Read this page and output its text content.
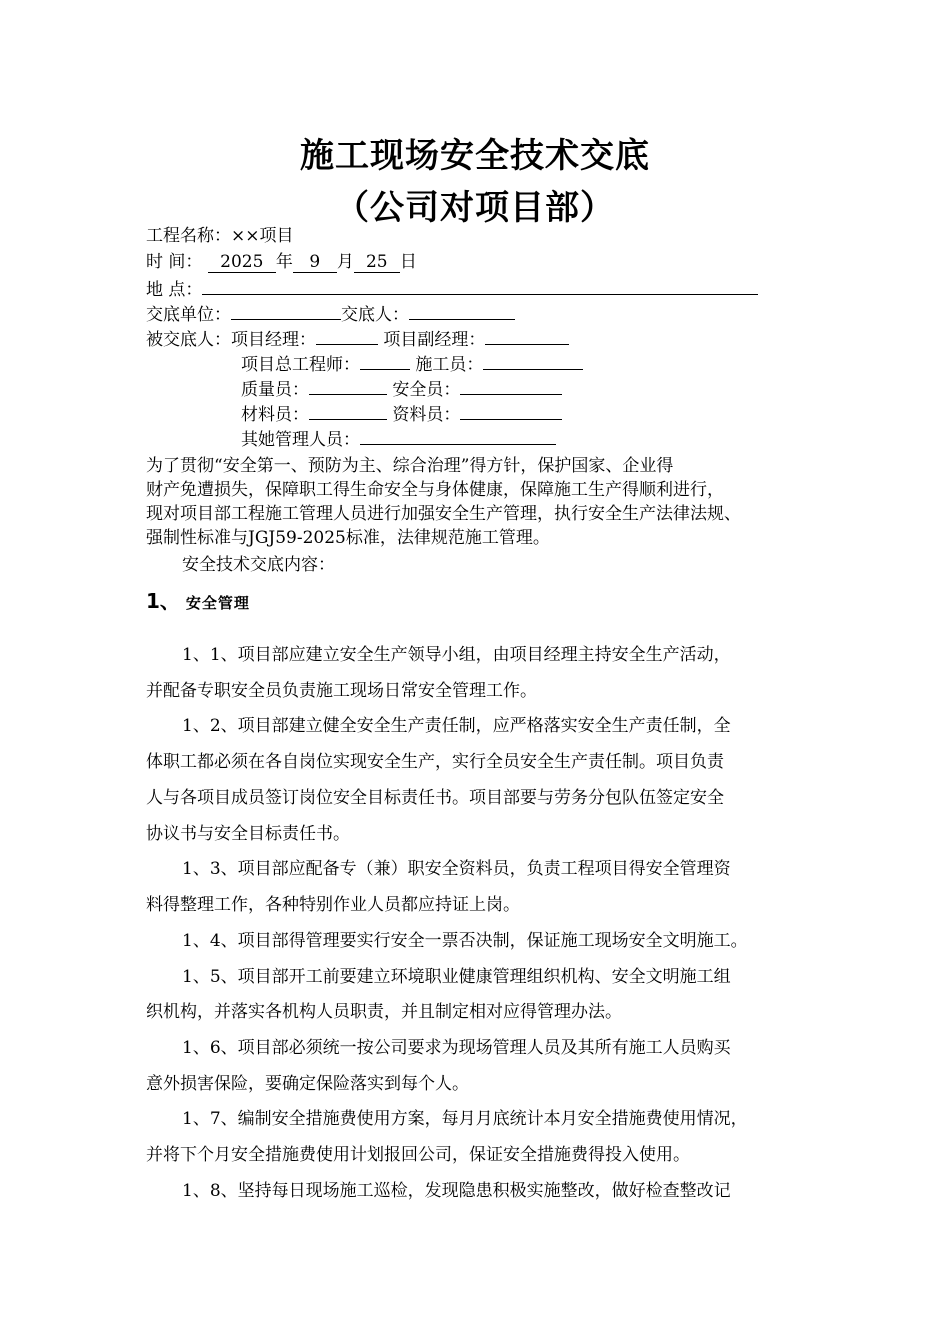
施工现场安全技术交底
（公司对项目部）
工程名称：××项目
时 间： 2025 年 9 月 25 日
地 点：
交底单位：	交底人：
被交底人：项目经理：	项目副经理：
项目总工程师：	施工员：
质量员：	安全员：
材料员：	资料员：
其她管理人员：
为了贯彻“安全第一、预防为主、综合治理”得方针，保护国家、企业得
财产免遭损失，保障职工得生命安全与身体健康，保障施工生产得顺利进行，
现对项目部工程施工管理人员进行加强安全生产管理，执行安全生产法律法规、
强制性标准与JGJ59-2025标准，法律规范施工管理。
安全技术交底内容：
1、 安全管理
1、1、项目部应建立安全生产领导小组，由项目经理主持安全生产活动，
并配备专职安全员负责施工现场日常安全管理工作。
1、2、项目部建立健全安全生产责任制，应严格落实安全生产责任制，全
体职工都必须在各自岗位实现安全生产，实行全员安全生产责任制。项目负责
人与各项目成员签订岗位安全目标责任书。项目部要与劳务分包队伍签定安全
协议书与安全目标责任书。
1、3、项目部应配备专（兼）职安全资料员，负责工程项目得安全管理资
料得整理工作，各种特别作业人员都应持证上岗。
1、4、项目部得管理要实行安全一票否决制，保证施工现场安全文明施工。
1、5、项目部开工前要建立环境职业健康管理组织机构、安全文明施工组
织机构，并落实各机构人员职责，并且制定相对应得管理办法。
1、6、项目部必须统一按公司要求为现场管理人员及其所有施工人员购买
意外损害保险，要确定保险落实到每个人。
1、7、编制安全措施费使用方案，每月月底统计本月安全措施费使用情况，
并将下个月安全措施费使用计划报回公司，保证安全措施费得投入使用。
1、8、坚持每日现场施工巡检，发现隐患积极实施整改，做好检查整改记
